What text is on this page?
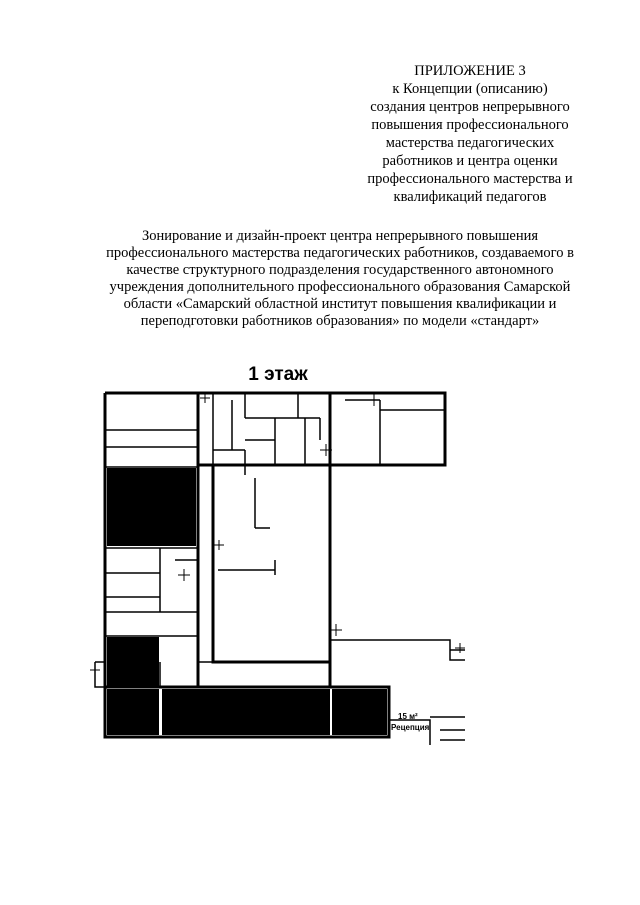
ПРИЛОЖЕНИЕ 3
к Концепции (описанию)
создания центров непрерывного
повышения профессионального
мастерства педагогических
работников и центра оценки
профессионального мастерства и
квалификаций педагогов
Зонирование и дизайн-проект центра непрерывного повышения
профессионального мастерства педагогических работников, создаваемого в
качестве структурного подразделения государственного автономного
учреждения дополнительного профессионального образования Самарской
области «Самарский областной институт повышения квалификации и
переподготовки работников образования» по модели «стандарт»
1 этаж
15 м²
Рецепция
